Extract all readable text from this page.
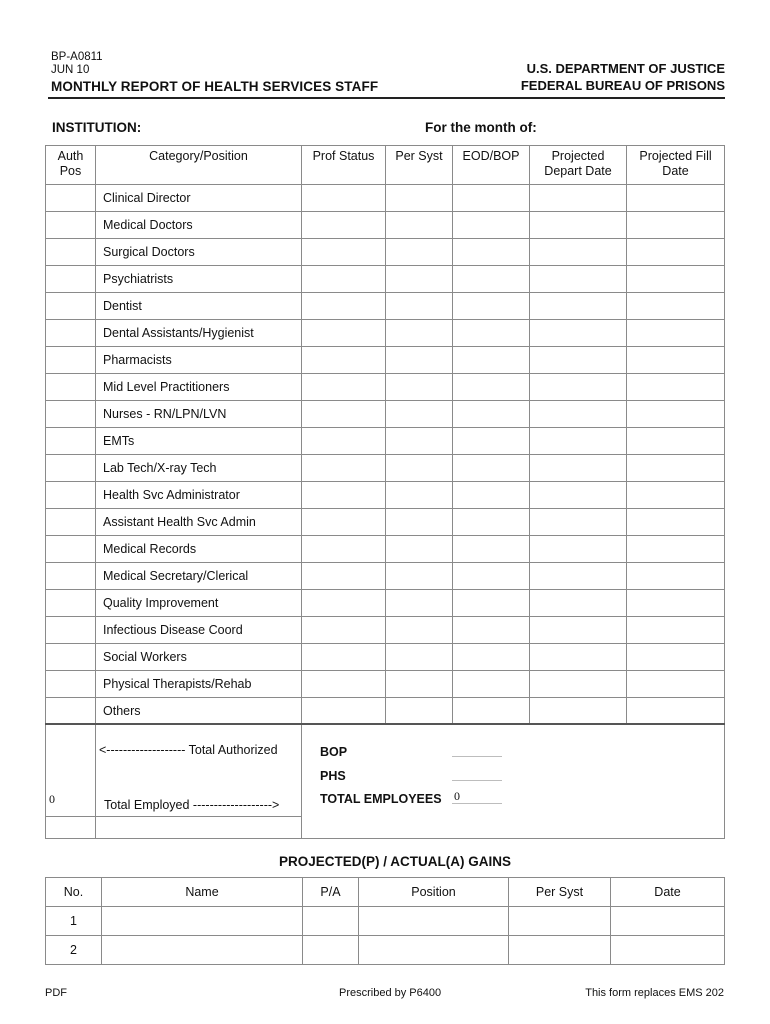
BP-A0811
JUN 10
MONTHLY REPORT OF HEALTH SERVICES STAFF
U.S. DEPARTMENT OF JUSTICE
FEDERAL BUREAU OF PRISONS
INSTITUTION:	For the month of:
Auth Pos	Category/Position	Prof Status	Per Syst	EOD/BOP	Projected Depart Date	Projected Fill Date
	Clinical Director					
	Medical Doctors					
	Surgical Doctors					
	Psychiatrists					
	Dentist					
	Dental Assistants/Hygienist					
	Pharmacists					
	Mid Level Practitioners					
	Nurses - RN/LPN/LVN					
	EMTs					
	Lab Tech/X-ray Tech					
	Health Svc Administrator					
	Assistant Health Svc Admin					
	Medical Records					
	Medical Secretary/Clerical					
	Quality Improvement					
	Infectious Disease Coord					
	Social Workers					
	Physical Therapists/Rehab					
	Others					
0	<------------------- Total Authorized
Total Employed ------------------->	BOP
PHS
TOTAL EMPLOYEES 0

PROJECTED(P) / ACTUAL(A) GAINS
No.	Name	P/A	Position	Per Syst	Date
1					
2					
PDF	Prescribed by P6400	This form replaces EMS 202
